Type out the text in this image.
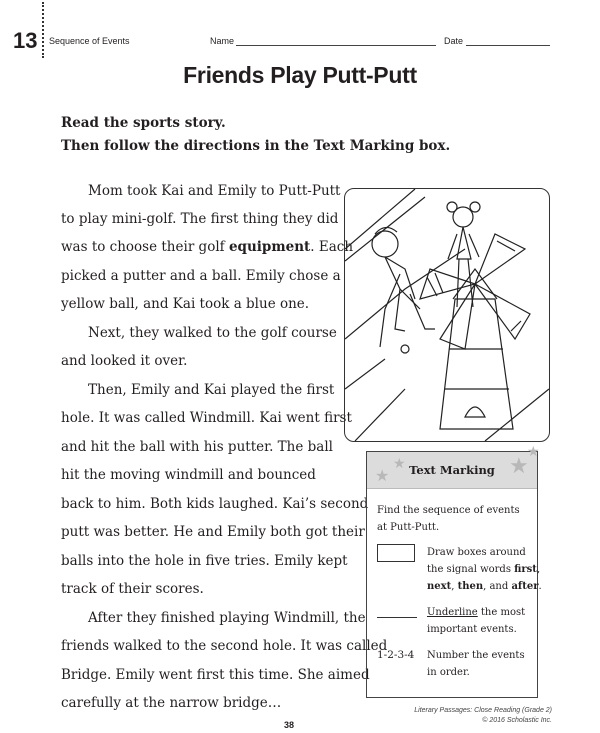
13 Sequence of Events	Name	Date
Friends Play Putt-Putt
Read the sports story.
Then follow the directions in the Text Marking box.
Mom took Kai and Emily to Putt-Putt
to play mini-golf. The first thing they did
was to choose their golf equipment. Each
picked a putter and a ball. Emily chose a
yellow ball, and Kai took a blue one.
Next, they walked to the golf course
and looked it over.
Then, Emily and Kai played the first
hole. It was called Windmill. Kai went first
and hit the ball with his putter. The ball
hit the moving windmill and bounced
back to him. Both kids laughed. Kai’s second
putt was better. He and Emily both got their
balls into the hole in five tries. Emily kept
track of their scores.
After they finished playing Windmill, the
friends walked to the second hole. It was called
Bridge. Emily went first this time. She aimed
carefully at the narrow bridge…
★
★	★
★
Text Marking
Find the sequence of events
at Putt-Putt.
Draw boxes around
the signal words first,
next, then, and after.
Underline the most
important events.
1-2-3-4 Number the events
in order.
38
Literary Passages: Close Reading (Grade 2)
© 2016 Scholastic Inc.
